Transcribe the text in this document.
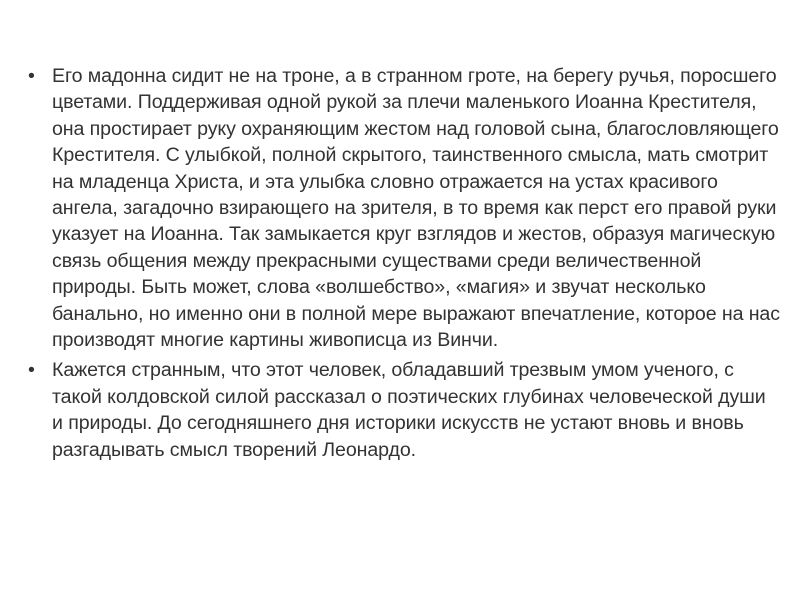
• Его мадонна сидит не на троне, а в странном гроте, на берегу ручья, поросшего цветами. Поддерживая одной рукой за плечи маленького Иоанна Крестителя, она простирает руку охраняющим жестом над головой сына, благословляющего Крестителя. С улыбкой, полной скрытого, таинственного смысла, мать смотрит на младенца Христа, и эта улыбка словно отражается на устах красивого ангела, загадочно взирающего на зрителя, в то время как перст его правой руки указует на Иоанна. Так замыкается круг взглядов и жестов, образуя магическую связь общения между прекрасными существами среди величественной природы. Быть может, слова «волшебство», «магия» и звучат несколько банально, но именно они в полной мере выражают впечатление, которое на нас производят многие картины живописца из Винчи.
• Кажется странным, что этот человек, обладавший трезвым умом ученого, с такой колдовской силой рассказал о поэтических глубинах человеческой души и природы. До сегодняшнего дня историки искусств не устают вновь и вновь разгадывать смысл творений Леонардо.
